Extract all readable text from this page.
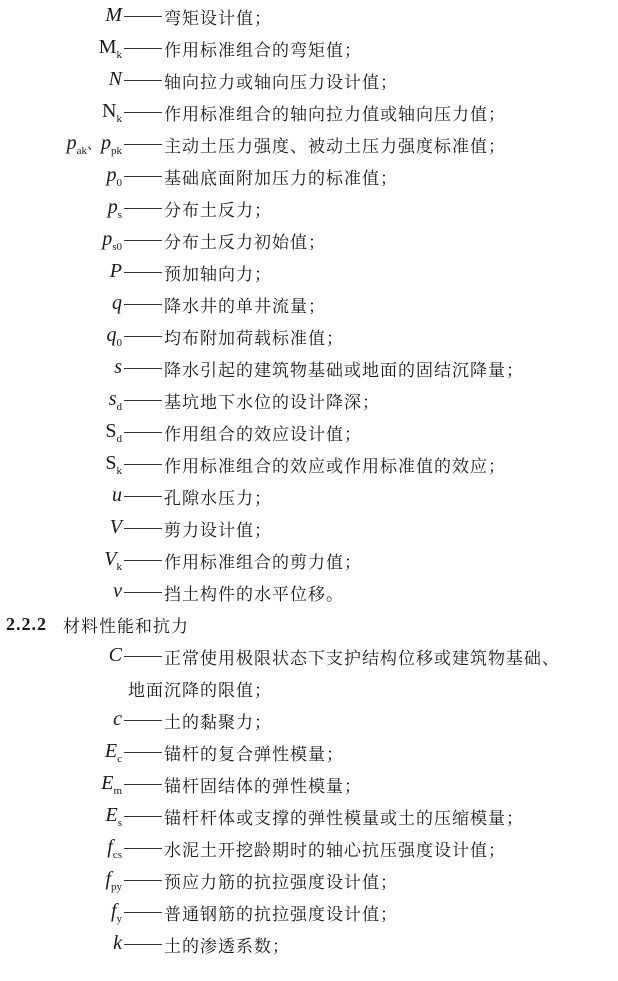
M 弯矩设计值；
$M_k$ 作用标准组合的弯矩值；
N 轴向拉力或轴向压力设计值；
$N_k$ 作用标准组合的轴向拉力值或轴向压力值；
$p_{ak}$、$p_{pk}$ 主动土压力强度、被动土压力强度标准值；
$p_0$ 基础底面附加压力的标准值；
$p_s$ 分布土反力；
$p_{s0}$ 分布土反力初始值；
P 预加轴向力；
q 降水井的单井流量；
$q_0$ 均布附加荷载标准值；
s 降水引起的建筑物基础或地面的固结沉降量；
$s_d$ 基坑地下水位的设计降深；
$S_d$ 作用组合的效应设计值；
$S_k$ 作用标准组合的效应或作用标准值的效应；
u 孔隙水压力；
V 剪力设计值；
$V_k$ 作用标准组合的剪力值；
v 挡土构件的水平位移。
2.2.2 材料性能和抗力
C 正常使用极限状态下支护结构位移或建筑物基础、
地面沉降的限值；
c 土的黏聚力；
$E_c$ 锚杆的复合弹性模量；
$E_m$ 锚杆固结体的弹性模量；
$E_s$ 锚杆杆体或支撑的弹性模量或土的压缩模量；
$f_{cs}$ 水泥土开挖龄期时的轴心抗压强度设计值；
$f_{py}$ 预应力筋的抗拉强度设计值；
$f_y$ 普通钢筋的抗拉强度设计值；
k 土的渗透系数；
